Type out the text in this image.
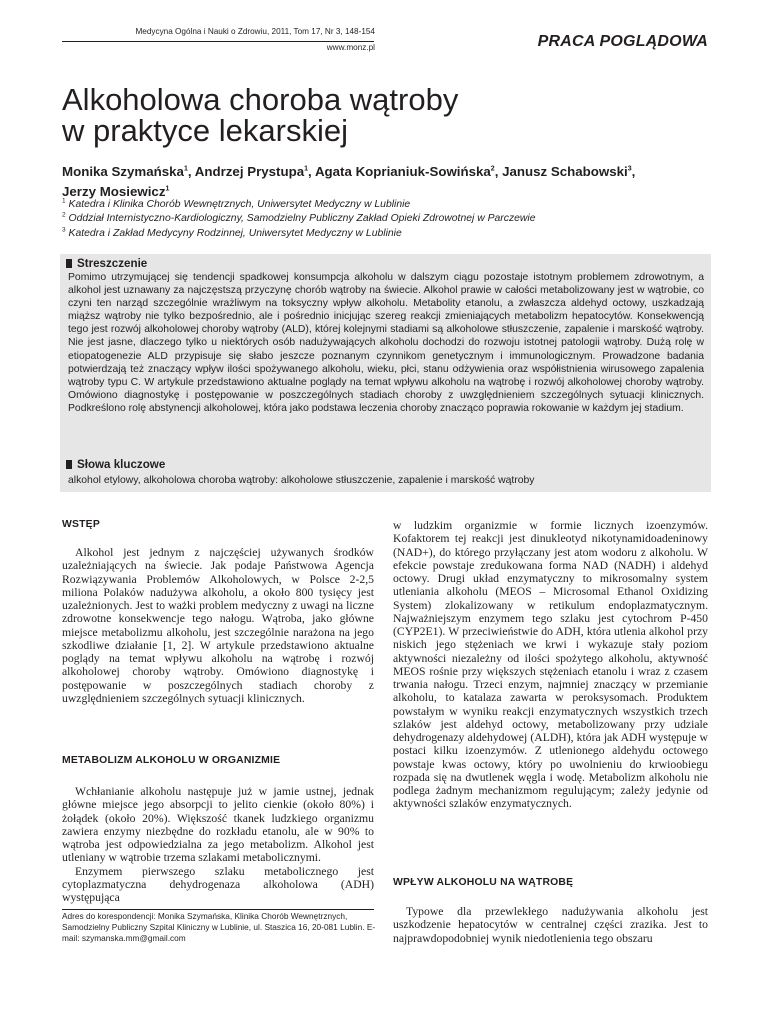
Medycyna Ogólna i Nauki o Zdrowiu, 2011, Tom 17, Nr 3, 148-154
www.monz.pl	PRACA POGLĄDOWA
Alkoholowa choroba wątroby
w praktyce lekarskiej
Monika Szymańska$^1$, Andrzej Prystupa$^1$, Agata Koprianiuk-Sowińska$^2$, Janusz Schabowski$^3$,
Jerzy Mosiewicz$^1$
$^1$ Katedra i Klinika Chorób Wewnętrznych, Uniwersytet Medyczny w Lublinie
$^2$ Oddział Internistyczno-Kardiologiczny, Samodzielny Publiczny Zakład Opieki Zdrowotnej w Parczewie
$^3$ Katedra i Zakład Medycyny Rodzinnej, Uniwersytet Medyczny w Lublinie
Streszczenie
Pomimo utrzymującej się tendencji spadkowej konsumpcja alkoholu w dalszym ciągu pozostaje istotnym problemem zdrowotnym, a alkohol jest uznawany za najczęstszą przyczynę chorób wątroby na świecie. Alkohol prawie w całości metabolizowany jest w wątrobie, co czyni ten narząd szczególnie wrażliwym na toksyczny wpływ alkoholu. Metabolity etanolu, a zwłaszcza aldehyd octowy, uszkadzają miąższ wątroby nie tylko bezpośrednio, ale i pośrednio inicjując szereg reakcji zmieniających metabolizm hepatocytów. Konsekwencją tego jest rozwój alkoholowej choroby wątroby (ALD), której kolejnymi stadiami są alkoholowe stłuszczenie, zapalenie i marskość wątroby. Nie jest jasne, dlaczego tylko u niektórych osób nadużywających alkoholu dochodzi do rozwoju istotnej patologii wątroby. Dużą rolę w etiopatogenezie ALD przypisuje się słabo jeszcze poznanym czynnikom genetycznym i immunologicznym. Prowadzone badania potwierdzają też znaczący wpływ ilości spożywanego alkoholu, wieku, płci, stanu odżywienia oraz współistnienia wirusowego zapalenia wątroby typu C. W artykule przedstawiono aktualne poglądy na temat wpływu alkoholu na wątrobę i rozwój alkoholowej choroby wątroby. Omówiono diagnostykę i postępowanie w poszczególnych stadiach choroby z uwzględnieniem szczególnych sytuacji klinicznych. Podkreślono rolę abstynencji alkoholowej, która jako podstawa leczenia choroby znacząco poprawia rokowanie w każdym jej stadium.
Słowa kluczowe
alkohol etylowy, alkoholowa choroba wątroby: alkoholowe stłuszczenie, zapalenie i marskość wątroby
WSTĘP

Alkohol jest jednym z najczęściej używanych środków uzależniających na świecie. Jak podaje Państwowa Agencja Rozwiązywania Problemów Alkoholowych, w Polsce 2-2,5 miliona Polaków nadużywa alkoholu, a około 800 tysięcy jest uzależnionych. Jest to ważki problem medyczny z uwagi na liczne zdrowotne konsekwencje tego nałogu. Wątroba, jako główne miejsce metabolizmu alkoholu, jest szczególnie narażona na jego szkodliwe działanie [1, 2]. W artykule przedstawiono aktualne poglądy na temat wpływu alkoholu na wątrobę i rozwój alkoholowej choroby wątroby. Omówiono diagnostykę i postępowanie w poszczególnych stadiach choroby z uwzględnieniem szczególnych sytuacji klinicznych.

METABOLIZM ALKOHOLU W ORGANIZMIE

Wchłanianie alkoholu następuje już w jamie ustnej, jednak główne miejsce jego absorpcji to jelito cienkie (około 80%) i żołądek (około 20%). Większość tkanek ludzkiego organizmu zawiera enzymy niezbędne do rozkładu etanolu, ale w 90% to wątroba jest odpowiedzialna za jego metabolizm. Alkohol jest utleniany w wątrobie trzema szlakami metabolicznymi.

Enzymem pierwszego szlaku metabolicznego jest cytoplazmatyczna dehydrogenaza alkoholowa (ADH) występująca

Adres do korespondencji: Monika Szymańska, Klinika Chorób Wewnętrznych, Samodzielny Publiczny Szpital Kliniczny w Lublinie, ul. Staszica 16, 20-081 Lublin. E-mail: szymanska.mm@gmail.com

w ludzkim organizmie w formie licznych izoenzymów. Kofaktorem tej reakcji jest dinukleotyd nikotynamidoadeninowy (NAD+), do którego przyłączany jest atom wodoru z alkoholu. W efekcie powstaje zredukowana forma NAD (NADH) i aldehyd octowy. Drugi układ enzymatyczny to mikrosomalny system utleniania alkoholu (MEOS – Microsomal Ethanol Oxidizing System) zlokalizowany w retikulum endoplazmatycznym. Najważniejszym enzymem tego szlaku jest cytochrom P-450 (CYP2E1). W przeciwieństwie do ADH, która utlenia alkohol przy niskich jego stężeniach we krwi i wykazuje stały poziom aktywności niezależny od ilości spożytego alkoholu, aktywność MEOS rośnie przy większych stężeniach etanolu i wraz z czasem trwania nałogu. Trzeci enzym, najmniej znaczący w przemianie alkoholu, to katalaza zawarta w peroksysomach. Produktem powstałym w wyniku reakcji enzymatycznych wszystkich trzech szlaków jest aldehyd octowy, metabolizowany przy udziale dehydrogenazy aldehydowej (ALDH), która jak ADH występuje w postaci kilku izoenzymów. Z utlenionego aldehydu octowego powstaje kwas octowy, który po uwolnieniu do krwioobiegu rozpada się na dwutlenek węgla i wodę. Metabolizm alkoholu nie podlega żadnym mechanizmom regulującym; zależy jedynie od aktywności szlaków enzymatycznych.

WPŁYW ALKOHOLU NA WĄTROBĘ

Typowe dla przewlekłego nadużywania alkoholu jest uszkodzenie hepatocytów w centralnej części zrazika. Jest to najprawdopodobniej wynik niedotlenienia tego obszaru
